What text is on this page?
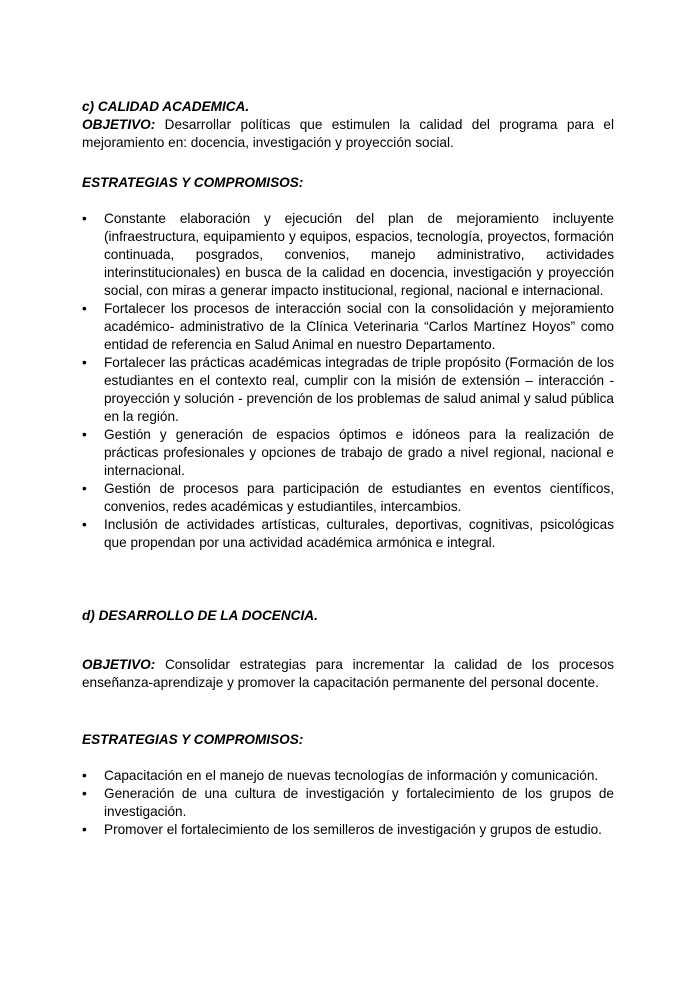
c) CALIDAD ACADEMICA.

OBJETIVO: Desarrollar políticas que estimulen la calidad del programa para el mejoramiento en: docencia, investigación y proyección social.

ESTRATEGIAS Y COMPROMISOS:
• Constante elaboración y ejecución del plan de mejoramiento incluyente (infraestructura, equipamiento y equipos, espacios, tecnología, proyectos, formación continuada, posgrados, convenios, manejo administrativo, actividades interinstitucionales) en busca de la calidad en docencia, investigación y proyección social, con miras a generar impacto institucional, regional, nacional e internacional.
• Fortalecer los procesos de interacción social con la consolidación y mejoramiento académico- administrativo de la Clínica Veterinaria “Carlos Martínez Hoyos” como entidad de referencia en Salud Animal en nuestro Departamento.
• Fortalecer las prácticas académicas integradas de triple propósito (Formación de los estudiantes en el contexto real, cumplir con la misión de extensión – interacción - proyección y solución - prevención de los problemas de salud animal y salud pública en la región.
• Gestión y generación de espacios óptimos e idóneos para la realización de prácticas profesionales y opciones de trabajo de grado a nivel regional, nacional e internacional.
• Gestión de procesos para participación de estudiantes en eventos científicos, convenios, redes académicas y estudiantiles, intercambios.
• Inclusión de actividades artísticas, culturales, deportivas, cognitivas, psicológicas que propendan por una actividad académica armónica e integral.
d) DESARROLLO DE LA DOCENCIA.

OBJETIVO: Consolidar estrategias para incrementar la calidad de los procesos enseñanza-aprendizaje y promover la capacitación permanente del personal docente.

ESTRATEGIAS Y COMPROMISOS:
• Capacitación en el manejo de nuevas tecnologías de información y comunicación.
• Generación de una cultura de investigación y fortalecimiento de los grupos de investigación.
• Promover el fortalecimiento de los semilleros de investigación y grupos de estudio.
